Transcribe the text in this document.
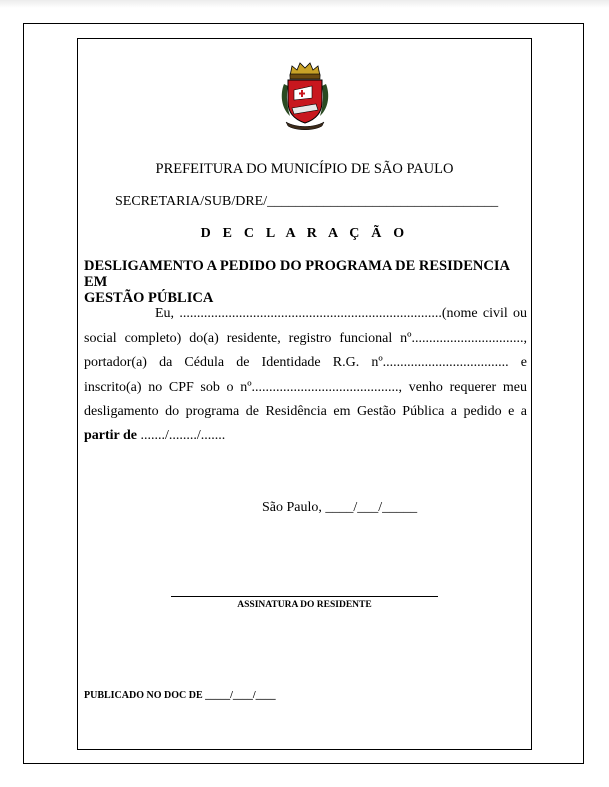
PREFEITURA DO MUNICÍPIO DE SÃO PAULO
SECRETARIA/SUB/DRE/_________________________________
D E C L A R A Ç Ã O
DESLIGAMENTO A PEDIDO DO PROGRAMA DE RESIDENCIA EM
GESTÃO PÚBLICA
Eu, ...........................................................................(nome civil ou
social completo) do(a) residente, registro funcional nº................................,
portador(a) da Cédula de Identidade R.G. nº.................................... e
inscrito(a) no CPF sob o nº.........................................., venho requerer meu
desligamento do programa de Residência em Gestão Pública a pedido e a
partir de ......./......../.......
São Paulo, ____/___/_____
ASSINATURA DO RESIDENTE
PUBLICADO NO DOC DE _____/____/____
